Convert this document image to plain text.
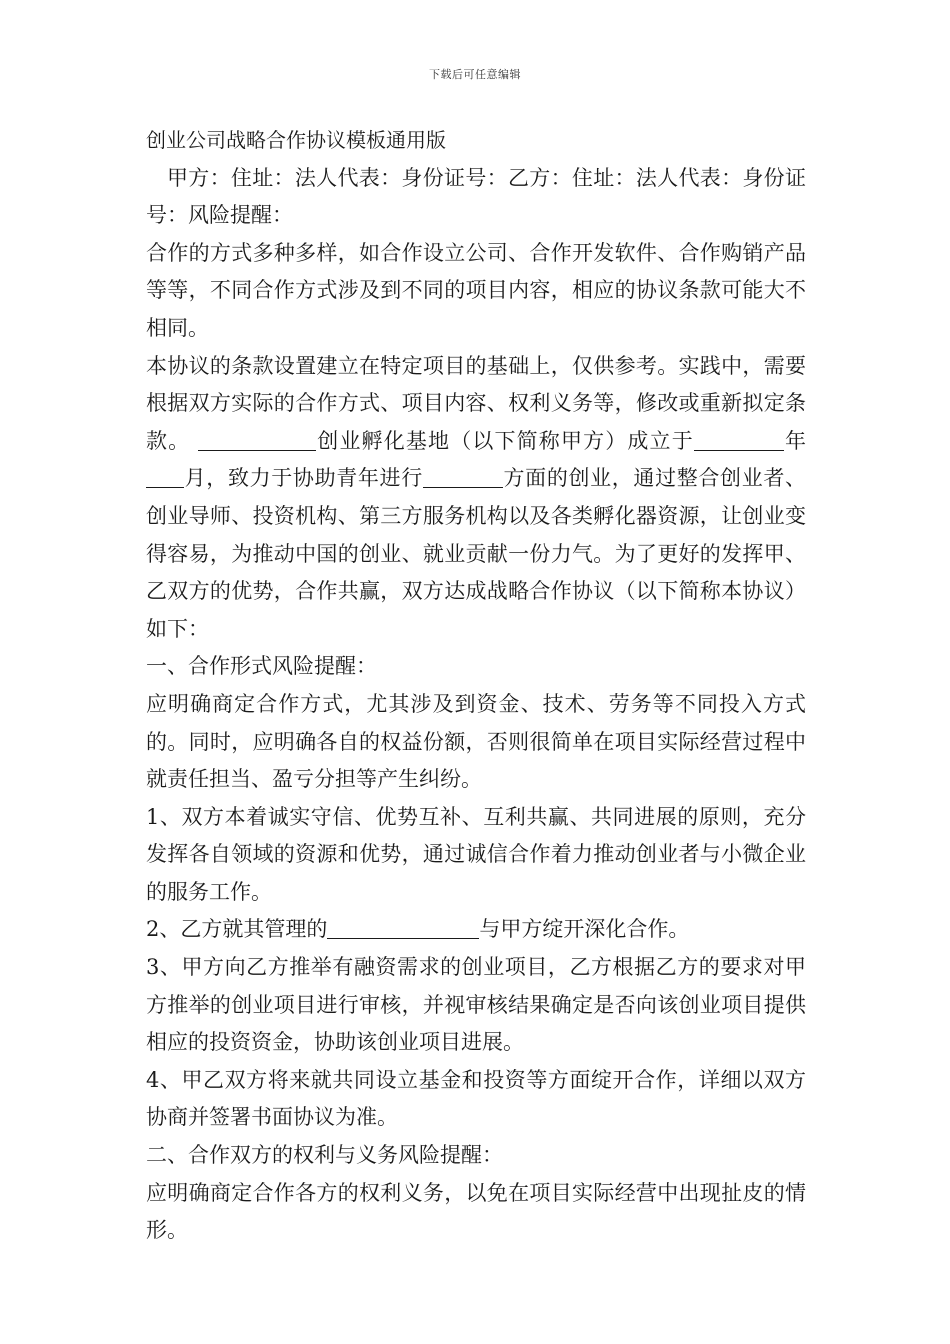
下载后可任意编辑

创业公司战略合作协议模板通用版

甲方：住址：法人代表：身份证号：乙方：住址：法人代表：身份证号：风险提醒：

合作的方式多种多样，如合作设立公司、合作开发软件、合作购销产品等等，不同合作方式涉及到不同的项目内容，相应的协议条款可能大不相同。

本协议的条款设置建立在特定项目的基础上，仅供参考。实践中，需要根据双方实际的合作方式、项目内容、权利义务等，修改或重新拟定条款。	创业孵化基地（以下简称甲方）成立于	年月，致力于协助青年进行	方面的创业，通过整合创业者、创业导师、投资机构、第三方服务机构以及各类孵化器资源，让创业变得容易，为推动中国的创业、就业贡献一份力气。为了更好的发挥甲、乙双方的优势，合作共赢，双方达成战略合作协议（以下简称本协议）如下：

一、合作形式风险提醒：

应明确商定合作方式，尤其涉及到资金、技术、劳务等不同投入方式的。同时，应明确各自的权益份额，否则很简单在项目实际经营过程中就责任担当、盈亏分担等产生纠纷。

1、双方本着诚实守信、优势互补、互利共赢、共同进展的原则，充分发挥各自领域的资源和优势，通过诚信合作着力推动创业者与小微企业的服务工作。

2、乙方就其管理的	与甲方绽开深化合作。

3、甲方向乙方推举有融资需求的创业项目，乙方根据乙方的要求对甲方推举的创业项目进行审核，并视审核结果确定是否向该创业项目提供相应的投资资金，协助该创业项目进展。

4、甲乙双方将来就共同设立基金和投资等方面绽开合作，详细以双方协商并签署书面协议为准。

二、合作双方的权利与义务风险提醒：

应明确商定合作各方的权利义务，以免在项目实际经营中出现扯皮的情形。
